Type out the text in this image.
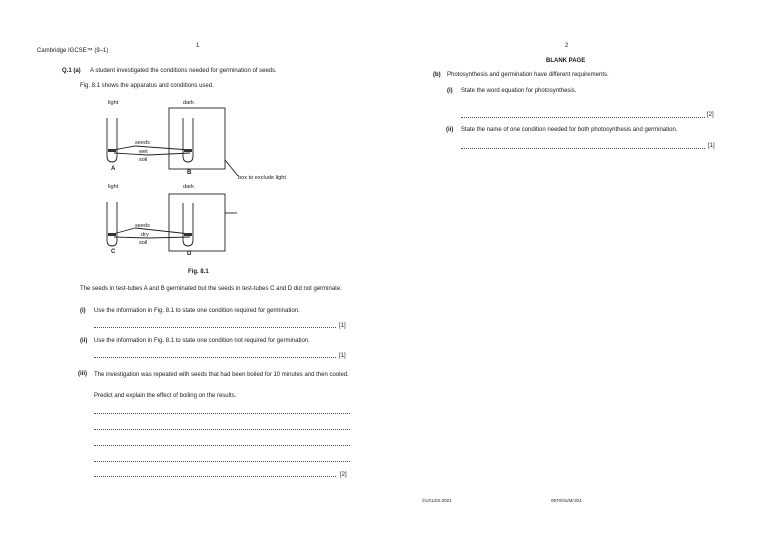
1
Cambridge IGCSE™ (9–1)
Q.1 (a) A student investigated the conditions needed for germination of seeds.
Fig. 8.1 shows the apparatus and conditions used.
light	dark
seeds
wet
soil
A
B
box to exclude light
light	dark
seeds
dry
soil
C	D
Fig. 8.1
The seeds in test-tubes A and B germinated but the seeds in test-tubes C and D did not germinate.
(i) Use the information in Fig. 8.1 to state one condition required for germination.
[1]
(ii) Use the information in Fig. 8.1 to state one condition not required for germination.
[1]
(iii) The investigation was repeated with seeds that had been boiled for 10 minutes and then cooled.
Predict and explain the effect of boiling on the results.
[2]
2
BLANK PAGE
(b) Photosynthesis and germination have different requirements.
(i) State the word equation for photosynthesis.
[2]
(ii) State the name of one condition needed for both photosynthesis and germination.
[1]
©UCLES 2021	0970/31/M/J/21
